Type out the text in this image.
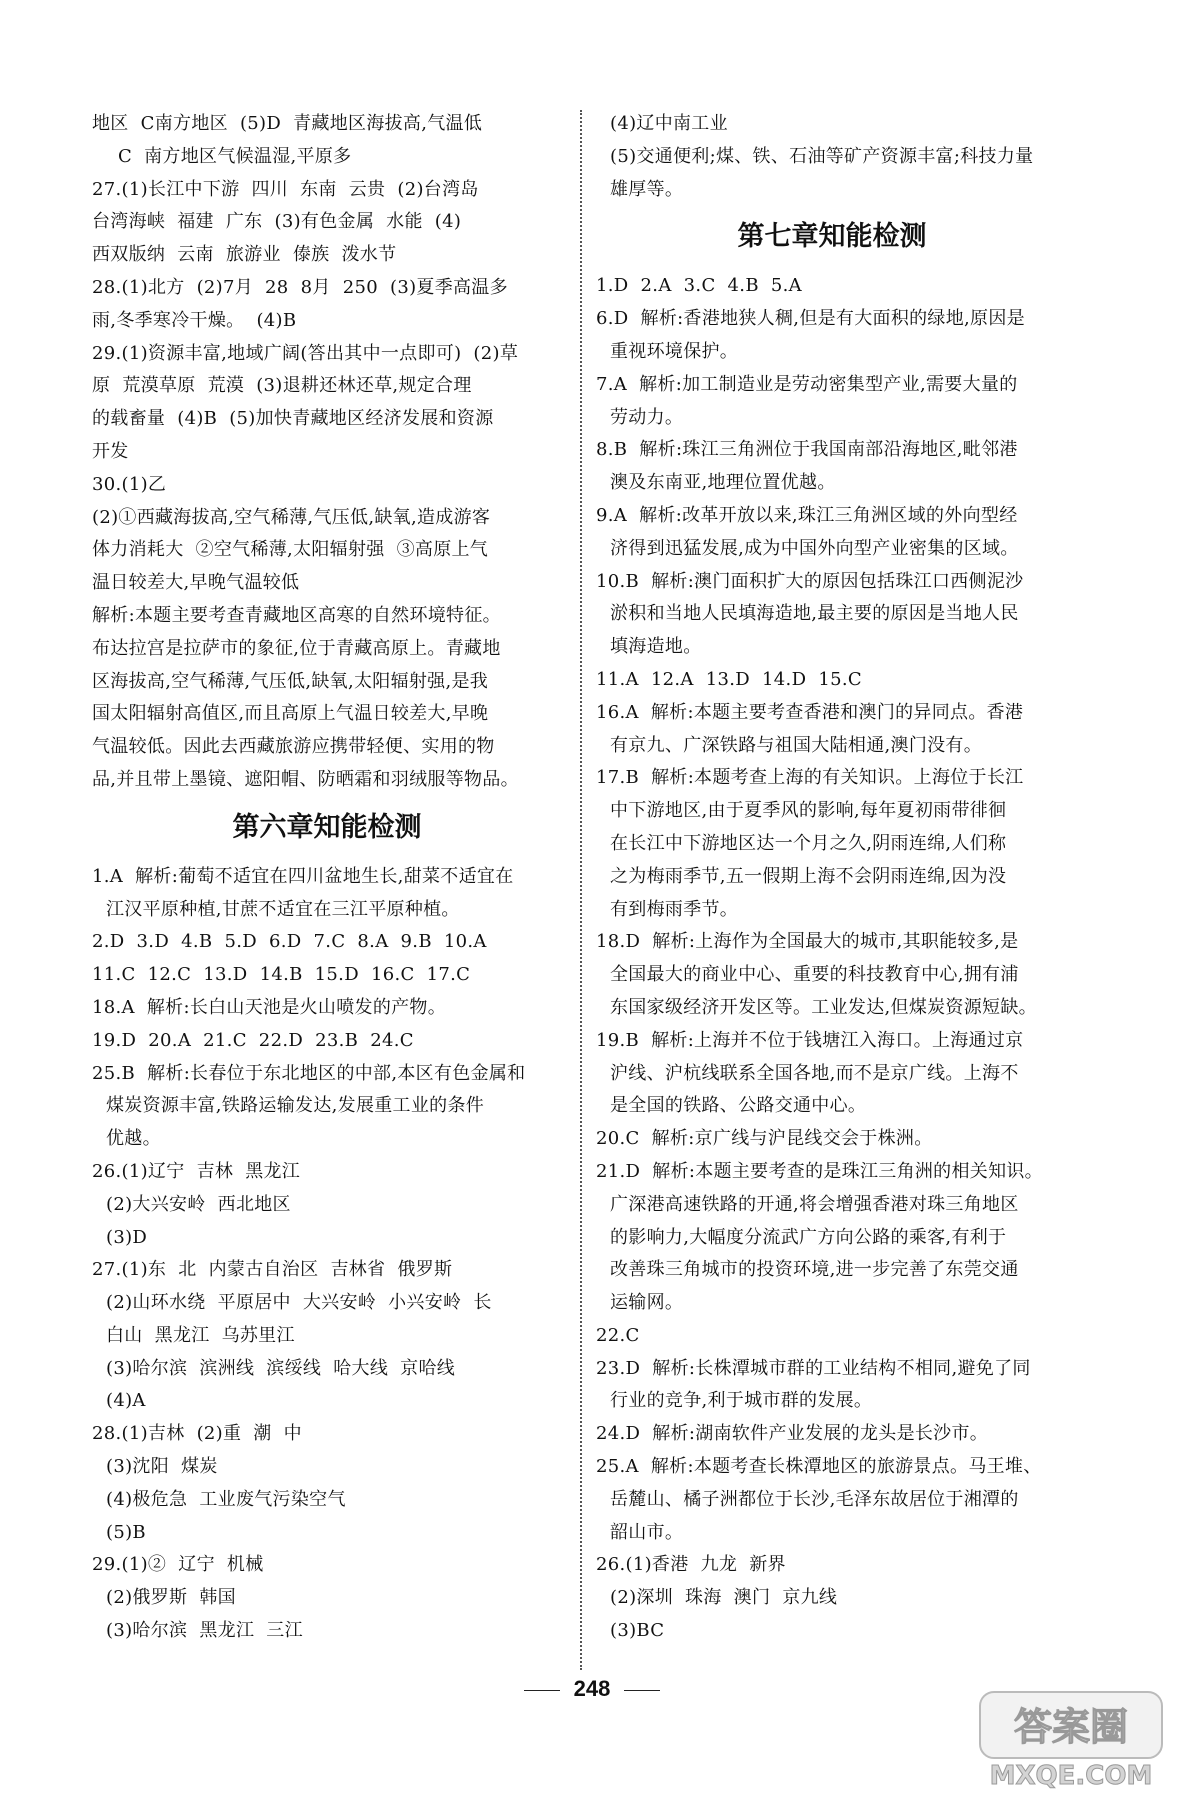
地区  C南方地区  (5)D  青藏地区海拔高,气温低
C  南方地区气候温湿,平原多
27.(1)长江中下游  四川  东南  云贵  (2)台湾岛
台湾海峡  福建  广东  (3)有色金属  水能  (4)
西双版纳  云南  旅游业  傣族  泼水节
28.(1)北方  (2)7月  28  8月  250  (3)夏季高温多
雨,冬季寒冷干燥。  (4)B
29.(1)资源丰富,地域广阔(答出其中一点即可)  (2)草
原  荒漠草原  荒漠  (3)退耕还林还草,规定合理
的载畜量  (4)B  (5)加快青藏地区经济发展和资源
开发
30.(1)乙
(2)①西藏海拔高,空气稀薄,气压低,缺氧,造成游客
体力消耗大  ②空气稀薄,太阳辐射强  ③高原上气
温日较差大,早晚气温较低
解析:本题主要考查青藏地区高寒的自然环境特征。
布达拉宫是拉萨市的象征,位于青藏高原上。青藏地
区海拔高,空气稀薄,气压低,缺氧,太阳辐射强,是我
国太阳辐射高值区,而且高原上气温日较差大,早晚
气温较低。因此去西藏旅游应携带轻便、实用的物
品,并且带上墨镜、遮阳帽、防晒霜和羽绒服等物品。
第六章知能检测
1.A  解析:葡萄不适宜在四川盆地生长,甜菜不适宜在
江汉平原种植,甘蔗不适宜在三江平原种植。
2.D  3.D  4.B  5.D  6.D  7.C  8.A  9.B  10.A
11.C  12.C  13.D  14.B  15.D  16.C  17.C
18.A  解析:长白山天池是火山喷发的产物。
19.D  20.A  21.C  22.D  23.B  24.C
25.B  解析:长春位于东北地区的中部,本区有色金属和
煤炭资源丰富,铁路运输发达,发展重工业的条件
优越。
26.(1)辽宁  吉林  黑龙江
(2)大兴安岭  西北地区
(3)D
27.(1)东  北  内蒙古自治区  吉林省  俄罗斯
(2)山环水绕  平原居中  大兴安岭  小兴安岭  长
白山  黑龙江  乌苏里江
(3)哈尔滨  滨洲线  滨绥线  哈大线  京哈线
(4)A
28.(1)吉林  (2)重  潮  中
(3)沈阳  煤炭
(4)极危急  工业废气污染空气
(5)B
29.(1)②  辽宁  机械
(2)俄罗斯  韩国
(3)哈尔滨  黑龙江  三江
(4)辽中南工业
(5)交通便利;煤、铁、石油等矿产资源丰富;科技力量
雄厚等。
第七章知能检测
1.D  2.A  3.C  4.B  5.A
6.D  解析:香港地狭人稠,但是有大面积的绿地,原因是
重视环境保护。
7.A  解析:加工制造业是劳动密集型产业,需要大量的
劳动力。
8.B  解析:珠江三角洲位于我国南部沿海地区,毗邻港
澳及东南亚,地理位置优越。
9.A  解析:改革开放以来,珠江三角洲区域的外向型经
济得到迅猛发展,成为中国外向型产业密集的区域。
10.B  解析:澳门面积扩大的原因包括珠江口西侧泥沙
淤积和当地人民填海造地,最主要的原因是当地人民
填海造地。
11.A  12.A  13.D  14.D  15.C
16.A  解析:本题主要考查香港和澳门的异同点。香港
有京九、广深铁路与祖国大陆相通,澳门没有。
17.B  解析:本题考查上海的有关知识。上海位于长江
中下游地区,由于夏季风的影响,每年夏初雨带徘徊
在长江中下游地区达一个月之久,阴雨连绵,人们称
之为梅雨季节,五一假期上海不会阴雨连绵,因为没
有到梅雨季节。
18.D  解析:上海作为全国最大的城市,其职能较多,是
全国最大的商业中心、重要的科技教育中心,拥有浦
东国家级经济开发区等。工业发达,但煤炭资源短缺。
19.B  解析:上海并不位于钱塘江入海口。上海通过京
沪线、沪杭线联系全国各地,而不是京广线。上海不
是全国的铁路、公路交通中心。
20.C  解析:京广线与沪昆线交会于株洲。
21.D  解析:本题主要考查的是珠江三角洲的相关知识。
广深港高速铁路的开通,将会增强香港对珠三角地区
的影响力,大幅度分流武广方向公路的乘客,有利于
改善珠三角城市的投资环境,进一步完善了东莞交通
运输网。
22.C
23.D  解析:长株潭城市群的工业结构不相同,避免了同
行业的竞争,利于城市群的发展。
24.D  解析:湖南软件产业发展的龙头是长沙市。
25.A  解析:本题考查长株潭地区的旅游景点。马王堆、
岳麓山、橘子洲都位于长沙,毛泽东故居位于湘潭的
韶山市。
26.(1)香港  九龙  新界
(2)深圳  珠海  澳门  京九线
(3)BC
248
答案圈
MXQE.COM
